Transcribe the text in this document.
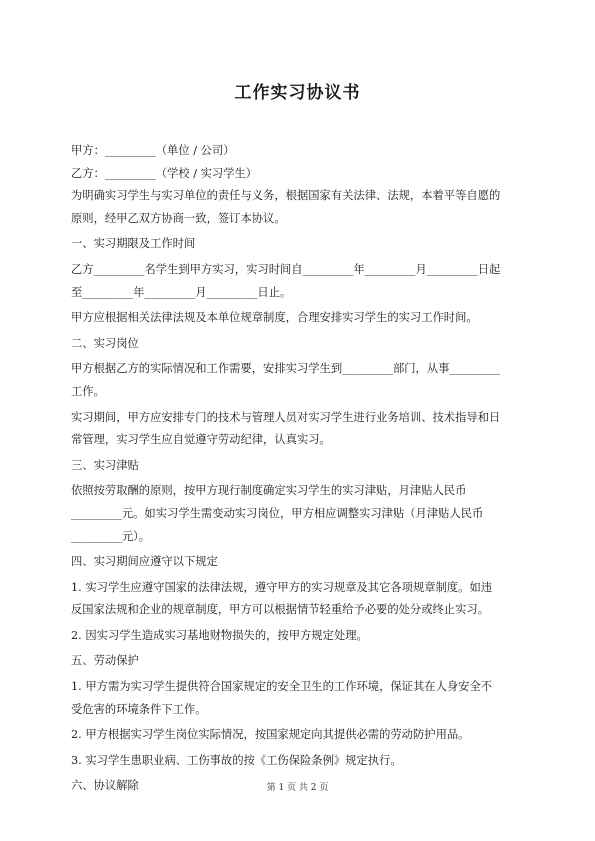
工作实习协议书

甲方：_________（单位 / 公司）

乙方：_________（学校 / 实习学生）

为明确实习学生与实习单位的责任与义务，根据国家有关法律、法规，本着平等自愿的

原则，经甲乙双方协商一致，签订本协议。

一、实习期限及工作时间

乙方_________名学生到甲方实习，实习时间自_________年_________月_________日起

至_________年_________月_________日止。

甲方应根据相关法律法规及本单位规章制度，合理安排实习学生的实习工作时间。

二、实习岗位

甲方根据乙方的实际情况和工作需要，安排实习学生到_________部门，从事_________

工作。

实习期间，甲方应安排专门的技术与管理人员对实习学生进行业务培训、技术指导和日

常管理，实习学生应自觉遵守劳动纪律，认真实习。

三、实习津贴

依照按劳取酬的原则，按甲方现行制度确定实习学生的实习津贴，月津贴人民币

_________元。如实习学生需变动实习岗位，甲方相应调整实习津贴（月津贴人民币

_________元）。

四、实习期间应遵守以下规定

1. 实习学生应遵守国家的法律法规，遵守甲方的实习规章及其它各项规章制度。如违

反国家法规和企业的规章制度，甲方可以根据情节轻重给予必要的处分或终止实习。

2. 因实习学生造成实习基地财物损失的，按甲方规定处理。

五、劳动保护

1. 甲方需为实习学生提供符合国家规定的安全卫生的工作环境，保证其在人身安全不

受危害的环境条件下工作。

2. 甲方根据实习学生岗位实际情况，按国家规定向其提供必需的劳动防护用品。

3. 实习学生患职业病、工伤事故的按《工伤保险条例》规定执行。

六、协议解除	第 1 页 共 2 页
